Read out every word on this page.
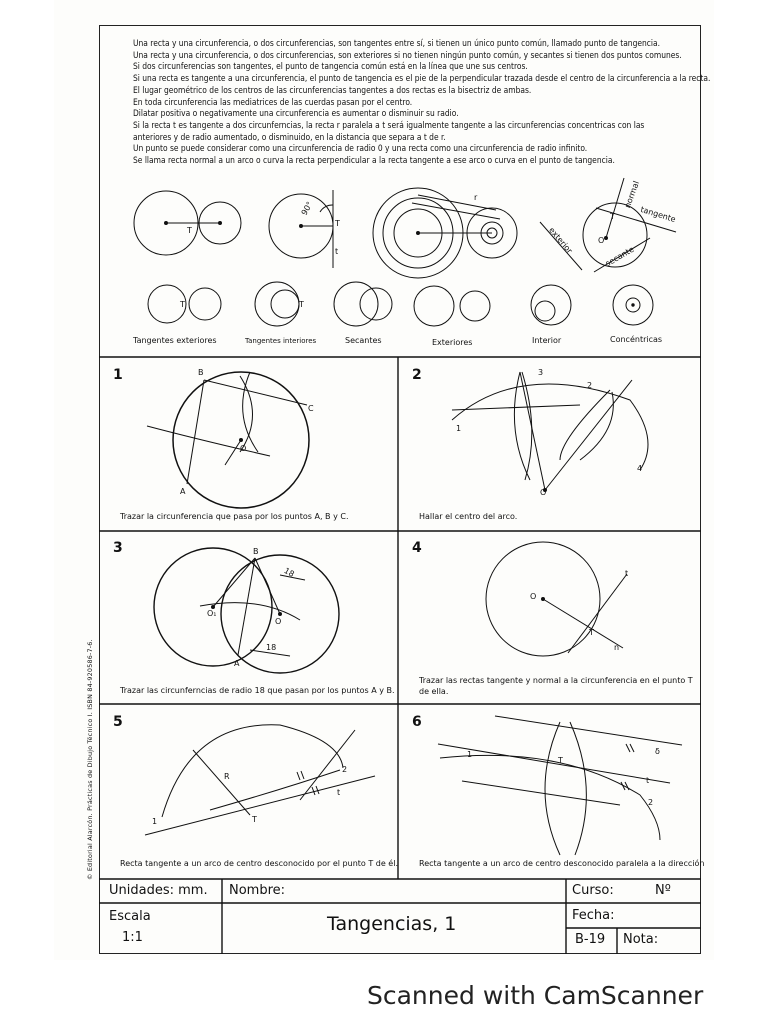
Una recta y una circunferencia, o dos circunferencias, son tangentes entre sí, si tienen un único punto común, llamado punto de tangencia.

Una recta y una circunferencia, o dos circunferencias, son exteriores si no tienen ningún punto común, y secantes si tienen dos puntos comunes.

Si dos circunferencias son tangentes, el punto de tangencia común está en la línea que une sus centros.

Si una recta es tangente a una circunferencia, el punto de tangencia es el pie de la perpendicular trazada desde el centro de la circunferencia a la recta.

El lugar geométrico de los centros de las circunferencias tangentes a dos rectas es la bisectriz de ambas.

En toda circunferencia las mediatrices de las cuerdas pasan por el centro.

Dilatar positiva o negativamente una circunferencia es aumentar o disminuir su radio.

Si la recta t es tangente a dos circunferncias, la recta r paralela a t será igualmente tangente a las circunferencias concentricas con las

anteriores y de radio aumentado, o disminuido, en la distancia que separa a t de r.

Un punto se puede considerar como una circunferencia de radio 0 y una recta como una circunferencia de radio infinito.

Se llama recta normal a un arco o curva la recta perpendicular a la recta tangente a ese arco o curva en el punto de tangencia.

T
T
t
90°
r	normal
tangente
exterior
secante
O
T
T	T
Tangentes exteriores	Tangentes interiores	Secantes	Exteriores	Interior	Concéntricas
1	B
C
A
O
Trazar la circunferencia que pasa por los puntos A, B y C.
2	3
2
1
4
O
Hallar el centro del arco.
3	B
A
O₁
O
18
18
Trazar las circunferncias de radio 18 que pasan por los puntos A y B.
4
O
T
t
n
Trazar las rectas tangente y normal a la circunferencia en el punto T
de ella.
5
R
2
1	T
t
Recta tangente a un arco de centro desconocido por el punto T de él.
6
1
T
t
δ
2
Recta tangente a un arco de centro desconocido paralela a la dirección
© Editorial Alarcón. Prácticas de Dibujo Técnico I. ISBN 84-920586-7-6.
Unidades: mm. Nombre:	Curso:	Nº
Escala
1:1
Tangencias, 1	Fecha:
B-19 Nota:
Scanned with CamScanner
